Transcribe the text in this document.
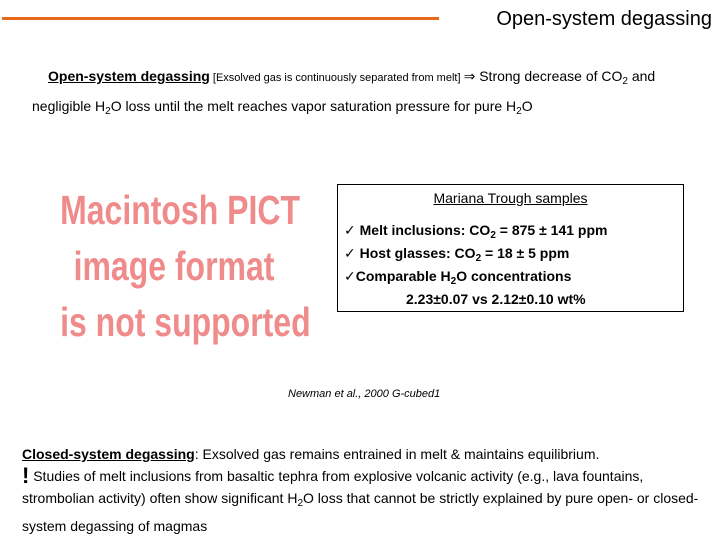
Open-system degassing
Open-system degassing [Exsolved gas is continuously separated from melt] ⇒ Strong decrease of $CO_2$ and negligible $H_2O$ loss until the melt reaches vapor saturation pressure for pure $H_2O$
Macintosh PICT
image format
is not supported
Mariana Trough samples
✓ Melt inclusions: $CO_2 = 875 \pm 141$ ppm
✓ Host glasses: $CO_2 = 18 \pm 5$ ppm
✓Comparable $H_2O$ concentrations
2.23±0.07 vs 2.12±0.10 wt%
Newman et al., 2000 G-cubed1
Closed-system degassing: Exsolved gas remains entrained in melt & maintains equilibrium.
! Studies of melt inclusions from basaltic tephra from explosive volcanic activity (e.g., lava fountains, strombolian activity) often show significant $H_2O$ loss that cannot be strictly explained by pure open- or closed-system degassing of magmas
